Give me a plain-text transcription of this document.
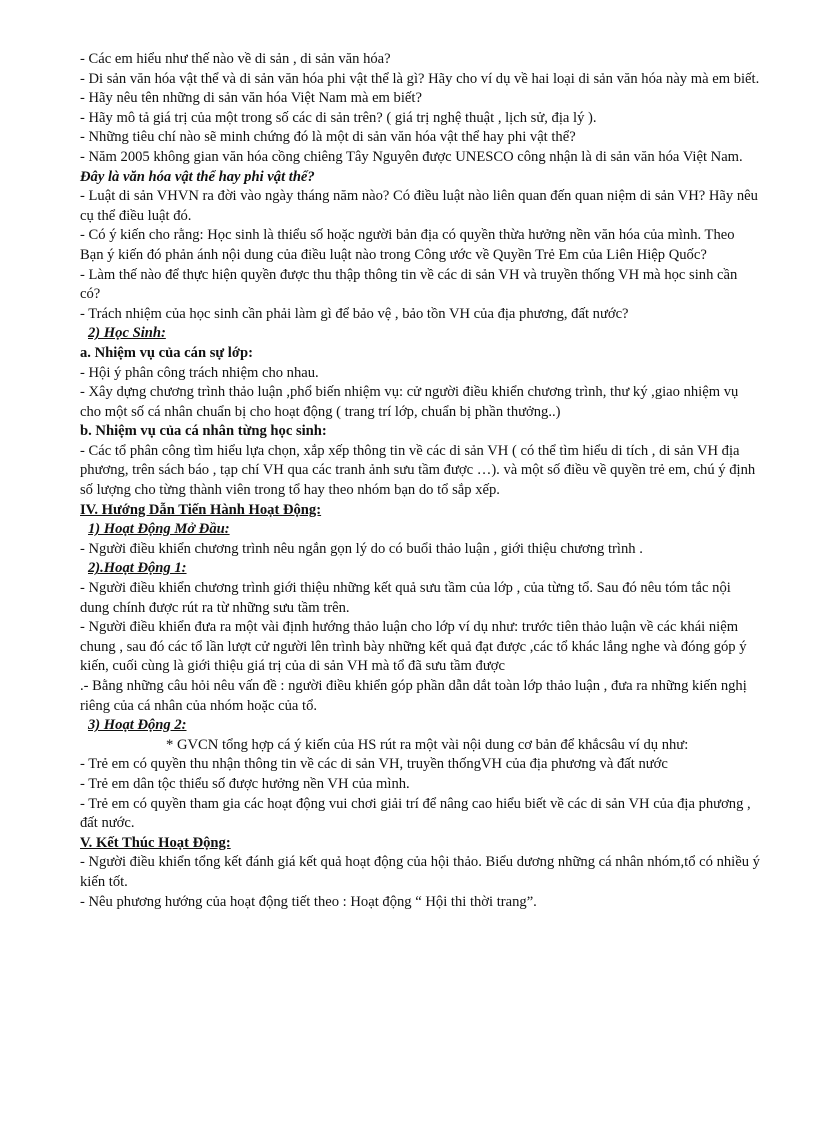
- Các em hiểu như thế nào về di sản , di sản văn hóa?

- Di sản văn hóa vật thể và di sản văn hóa phi vật thể là gì? Hãy cho ví dụ về hai loại di sản văn hóa này mà em biết.

- Hãy nêu tên những di sản văn hóa Việt Nam mà em biết?

- Hãy mô tả giá trị của một trong số các di sản trên? ( giá trị nghệ thuật , lịch sử, địa lý ).

- Những tiêu chí nào sẽ minh chứng đó là một di sản văn hóa vật thể hay phi vật thể?

- Năm 2005 không gian văn hóa cồng chiêng Tây Nguyên được UNESCO công nhận là di sản văn hóa Việt Nam. Đây là văn hóa vật thể hay phi vật thể?

- Luật di sản VHVN ra đời vào ngày tháng năm nào? Có điều luật nào liên quan đến quan niệm di sản VH? Hãy nêu cụ thể điều luật đó.

- Có ý kiến cho rằng: Học sinh là thiểu số hoặc người bản địa có quyền thừa hưởng nền văn hóa của mình. Theo Bạn ý kiến đó phản ánh nội dung của điều luật nào trong Công ước về Quyền Trẻ Em của Liên Hiệp Quốc?

- Làm thế nào để thực hiện quyền được thu thập thông tin về các di sản VH và truyền thống VH mà học sinh cần có?

- Trách nhiệm của học sinh cần phải làm gì để bảo vệ , bảo tồn VH của địa phương, đất nước?

2) Học Sinh:

a. Nhiệm vụ của cán sự lớp:

- Hội ý phân công trách nhiệm cho nhau.

- Xây dựng chương trình thảo luận ,phổ biến nhiệm vụ: cử người điều khiển chương trình, thư ký ,giao nhiệm vụ cho một số cá nhân chuẩn bị cho hoạt động ( trang trí lớp, chuẩn bị phần thưởng..)

b. Nhiệm vụ của cá nhân từng học sinh:

- Các tổ phân công tìm hiểu lựa chọn, xắp xếp thông tin về các di sản VH ( có thể tìm hiểu di tích , di sản VH địa phương, trên sách báo , tạp chí VH qua các tranh ảnh sưu tầm được …). và một số điều về quyền trẻ em, chú ý định số lượng cho từng thành viên trong tổ hay theo nhóm bạn do tổ sắp xếp.

IV. Hướng Dẫn Tiến Hành Hoạt Động:

1) Hoạt Động Mở Đầu:

- Người điều khiển chương trình nêu ngắn gọn lý do có buổi thảo luận , giới thiệu chương trình .

2).Hoạt Động 1:

- Người điều khiển chương trình giới thiệu những kết quả sưu tầm của lớp , của từng tổ. Sau đó nêu tóm tắc nội dung chính được rút ra từ những sưu tầm trên.

- Người điều khiển đưa ra một vài định hướng thảo luận cho lớp ví dụ như: trước tiên thảo luận về các khái niệm chung , sau đó các tổ lần lượt cử người lên trình bày những kết quả đạt được ,các tổ khác lắng nghe và đóng góp ý kiến, cuối cùng là giới thiệu giá trị của di sản VH mà tổ đã sưu tầm được

.- Bằng những câu hỏi nêu vấn đề : người điều khiển góp phần dẫn dắt toàn lớp thảo luận , đưa ra những kiến nghị riêng của cá nhân của nhóm hoặc của tổ.

3) Hoạt Động 2:

* GVCN tổng hợp cá ý kiến của HS rút ra một vài nội dung cơ bản để khắcsâu ví dụ như:

- Trẻ em có quyền thu nhận thông tin về các di sản VH, truyền thốngVH của địa phương và đất nước

- Trẻ em dân tộc thiểu số được hưởng nền VH của mình.

- Trẻ em có quyền tham gia các hoạt động vui chơi giải trí để nâng cao hiểu biết về các di sản VH của địa phương , đất nước.

V. Kết Thúc Hoạt Động:

- Người điều khiển tổng kết đánh giá kết quả hoạt động của hội thảo. Biểu dương những cá nhân nhóm,tổ có nhiều ý kiến tốt.

- Nêu phương hướng của hoạt động tiết theo : Hoạt động “ Hội thi thời trang”.
